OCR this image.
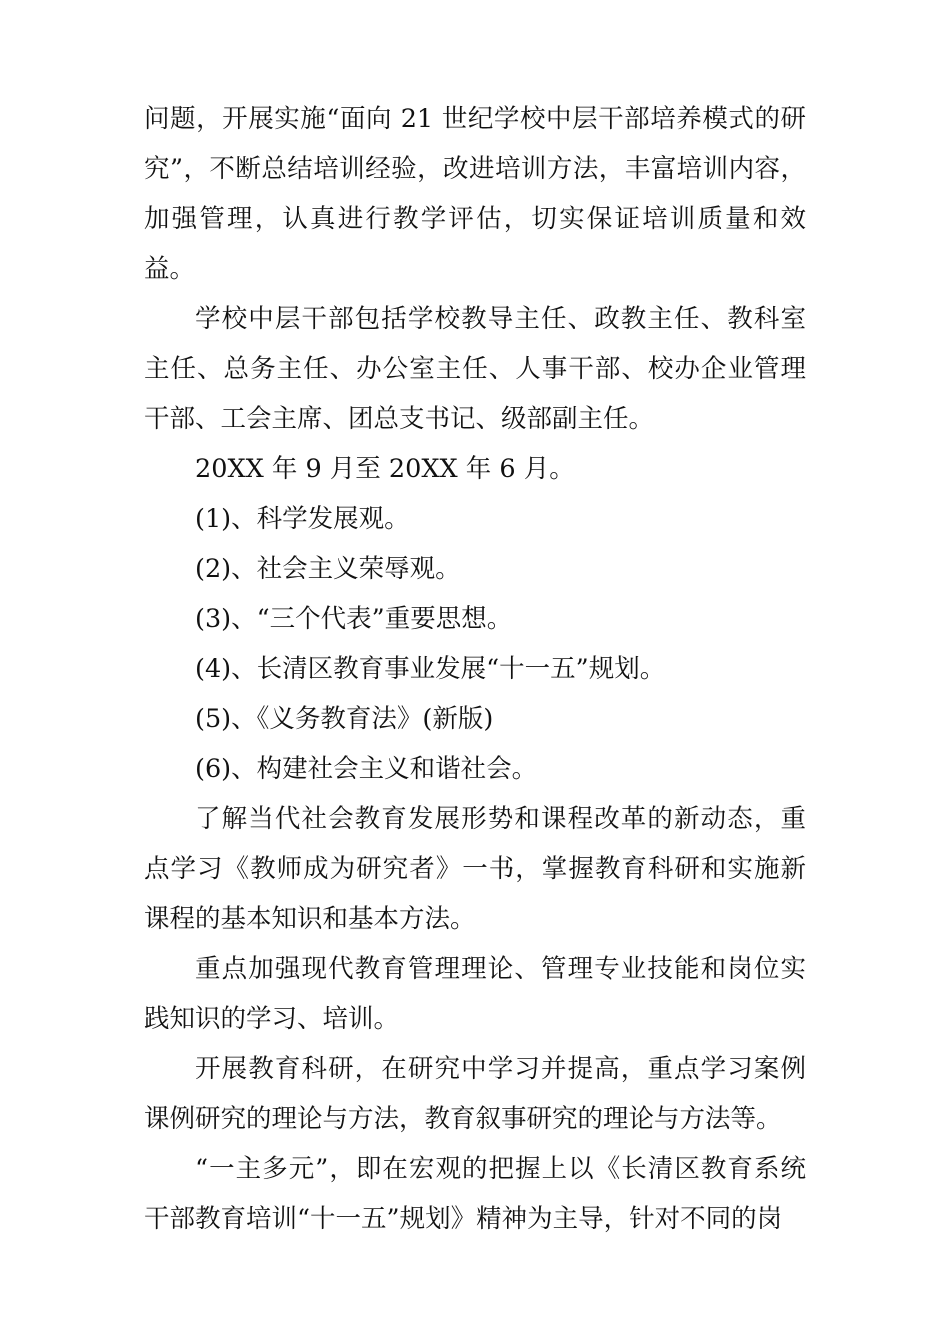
问题，开展实施“面向 21 世纪学校中层干部培养模式的研究”，不断总结培训经验，改进培训方法，丰富培训内容，加强管理，认真进行教学评估，切实保证培训质量和效益。

学校中层干部包括学校教导主任、政教主任、教科室主任、总务主任、办公室主任、人事干部、校办企业管理干部、工会主席、团总支书记、级部副主任。

20XX 年 9 月至 20XX 年 6 月。

(1)、科学发展观。

(2)、社会主义荣辱观。

(3)、“三个代表”重要思想。

(4)、长清区教育事业发展“十一五”规划。

(5)、《义务教育法》(新版)

(6)、构建社会主义和谐社会。

了解当代社会教育发展形势和课程改革的新动态，重点学习《教师成为研究者》一书，掌握教育科研和实施新课程的基本知识和基本方法。

重点加强现代教育管理理论、管理专业技能和岗位实践知识的学习、培训。

开展教育科研，在研究中学习并提高，重点学习案例课例研究的理论与方法，教育叙事研究的理论与方法等。

“一主多元”，即在宏观的把握上以《长清区教育系统干部教育培训“十一五”规划》精神为主导，针对不同的岗
